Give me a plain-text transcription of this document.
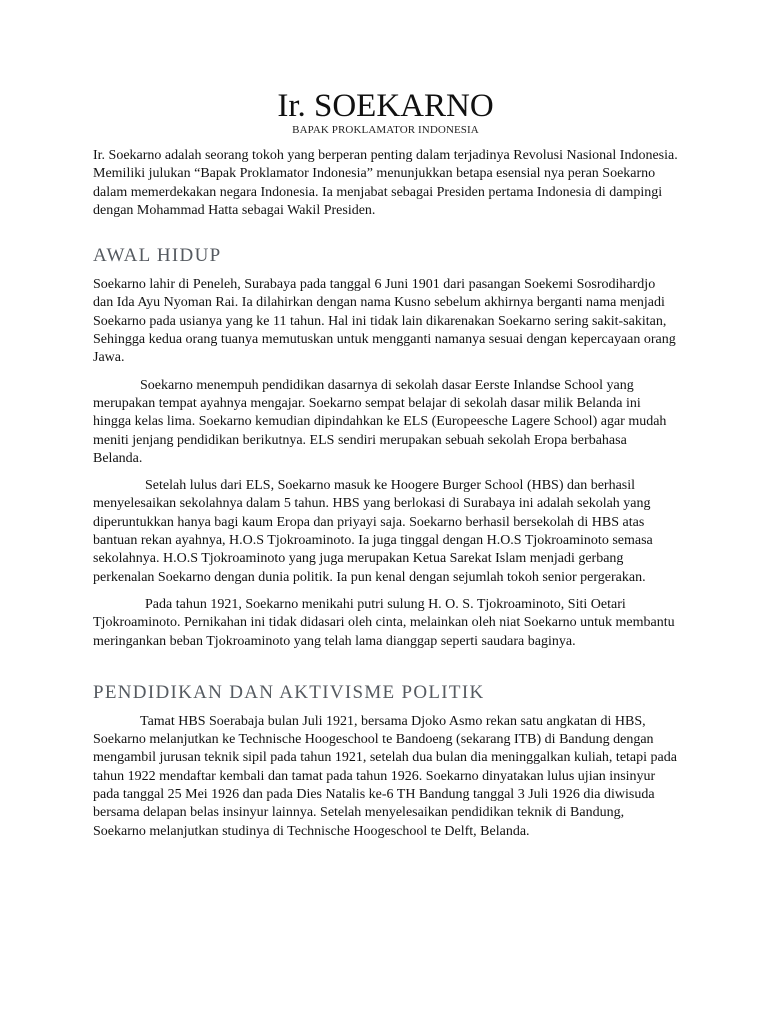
Ir. SOEKARNO
BAPAK PROKLAMATOR INDONESIA

Ir. Soekarno adalah seorang tokoh yang berperan penting dalam terjadinya Revolusi Nasional Indonesia. Memiliki julukan “Bapak Proklamator Indonesia” menunjukkan betapa esensial nya peran Soekarno dalam memerdekakan negara Indonesia. Ia menjabat sebagai Presiden pertama Indonesia di dampingi dengan Mohammad Hatta sebagai Wakil Presiden.

AWAL HIDUP

Soekarno lahir di Peneleh, Surabaya pada tanggal 6 Juni 1901 dari pasangan Soekemi Sosrodihardjo dan Ida Ayu Nyoman Rai. Ia dilahirkan dengan nama Kusno sebelum akhirnya berganti nama menjadi Soekarno pada usianya yang ke 11 tahun. Hal ini tidak lain dikarenakan Soekarno sering sakit-sakitan, Sehingga kedua orang tuanya memutuskan untuk mengganti namanya sesuai dengan kepercayaan orang Jawa.

Soekarno menempuh pendidikan dasarnya di sekolah dasar Eerste Inlandse School yang merupakan tempat ayahnya mengajar. Soekarno sempat belajar di sekolah dasar milik Belanda ini hingga kelas lima. Soekarno kemudian dipindahkan ke ELS (Europeesche Lagere School) agar mudah meniti jenjang pendidikan berikutnya. ELS sendiri merupakan sebuah sekolah Eropa berbahasa Belanda.

Setelah lulus dari ELS, Soekarno masuk ke Hoogere Burger School (HBS) dan berhasil menyelesaikan sekolahnya dalam 5 tahun. HBS yang berlokasi di Surabaya ini adalah sekolah yang diperuntukkan hanya bagi kaum Eropa dan priyayi saja. Soekarno berhasil bersekolah di HBS atas bantuan rekan ayahnya, H.O.S Tjokroaminoto. Ia juga tinggal dengan H.O.S Tjokroaminoto semasa sekolahnya. H.O.S Tjokroaminoto yang juga merupakan Ketua Sarekat Islam menjadi gerbang perkenalan Soekarno dengan dunia politik. Ia pun kenal dengan sejumlah tokoh senior pergerakan.

Pada tahun 1921, Soekarno menikahi putri sulung H. O. S. Tjokroaminoto, Siti Oetari Tjokroaminoto. Pernikahan ini tidak didasari oleh cinta, melainkan oleh niat Soekarno untuk membantu meringankan beban Tjokroaminoto yang telah lama dianggap seperti saudara baginya.

PENDIDIKAN DAN AKTIVISME POLITIK

Tamat HBS Soerabaja bulan Juli 1921, bersama Djoko Asmo rekan satu angkatan di HBS, Soekarno melanjutkan ke Technische Hoogeschool te Bandoeng (sekarang ITB) di Bandung dengan mengambil jurusan teknik sipil pada tahun 1921, setelah dua bulan dia meninggalkan kuliah, tetapi pada tahun 1922 mendaftar kembali dan tamat pada tahun 1926. Soekarno dinyatakan lulus ujian insinyur pada tanggal 25 Mei 1926 dan pada Dies Natalis ke-6 TH Bandung tanggal 3 Juli 1926 dia diwisuda bersama delapan belas insinyur lainnya. Setelah menyelesaikan pendidikan teknik di Bandung, Soekarno melanjutkan studinya di Technische Hoogeschool te Delft, Belanda.
